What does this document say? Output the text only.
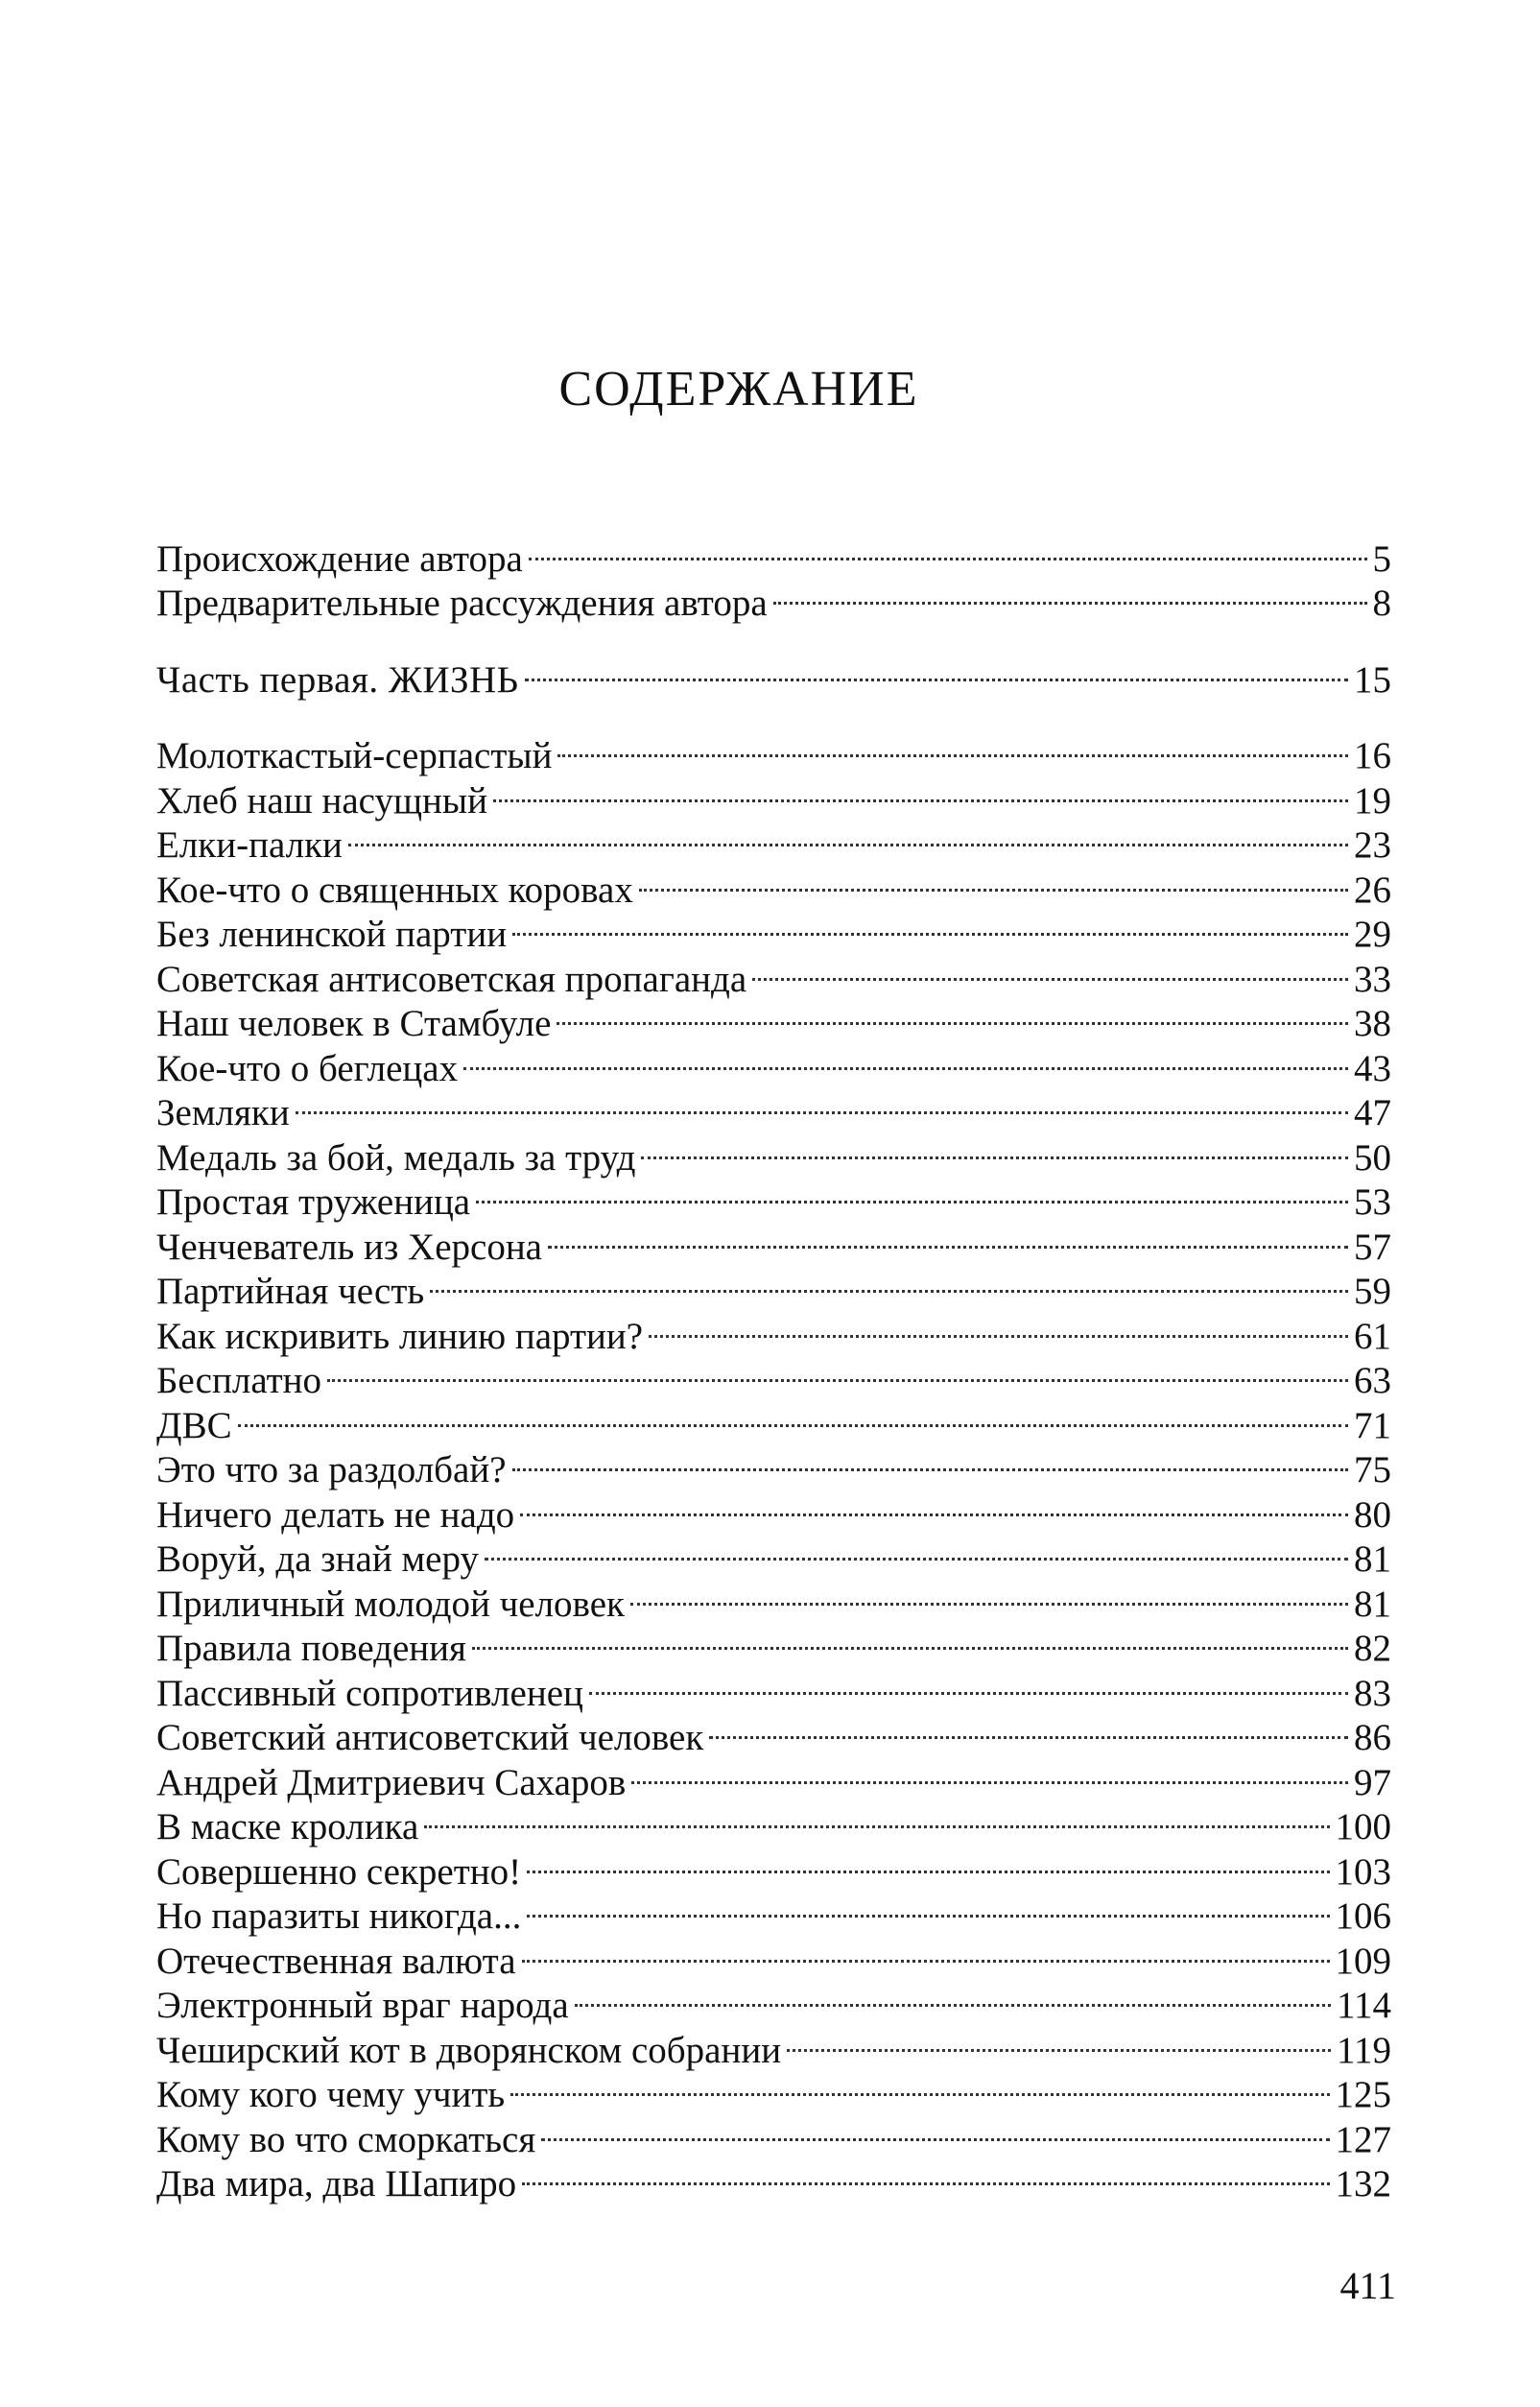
СОДЕРЖАНИЕ
Происхождение автора	5
Предварительные рассуждения автора	8
Часть первая. ЖИЗНЬ	15
Молоткастый-серпастый	16
Хлеб наш насущный	19
Елки-палки	23
Кое-что о священных коровах	26
Без ленинской партии	29
Советская антисоветская пропаганда	33
Наш человек в Стамбуле	38
Кое-что о беглецах	43
Земляки	47
Медаль за бой, медаль за труд	50
Простая труженица	53
Ченчеватель из Херсона	57
Партийная честь	59
Как искривить линию партии?	61
Бесплатно	63
ДВС	71
Это что за раздолбай?	75
Ничего делать не надо	80
Воруй, да знай меру	81
Приличный молодой человек	81
Правила поведения	82
Пассивный сопротивленец	83
Советский антисоветский человек	86
Андрей Дмитриевич Сахаров	97
В маске кролика	100
Совершенно секретно!	103
Но паразиты никогда...	106
Отечественная валюта	109
Электронный враг народа	114
Чеширский кот в дворянском собрании	119
Кому кого чему учить	125
Кому во что сморкаться	127
Два мира, два Шапиро	132
411
